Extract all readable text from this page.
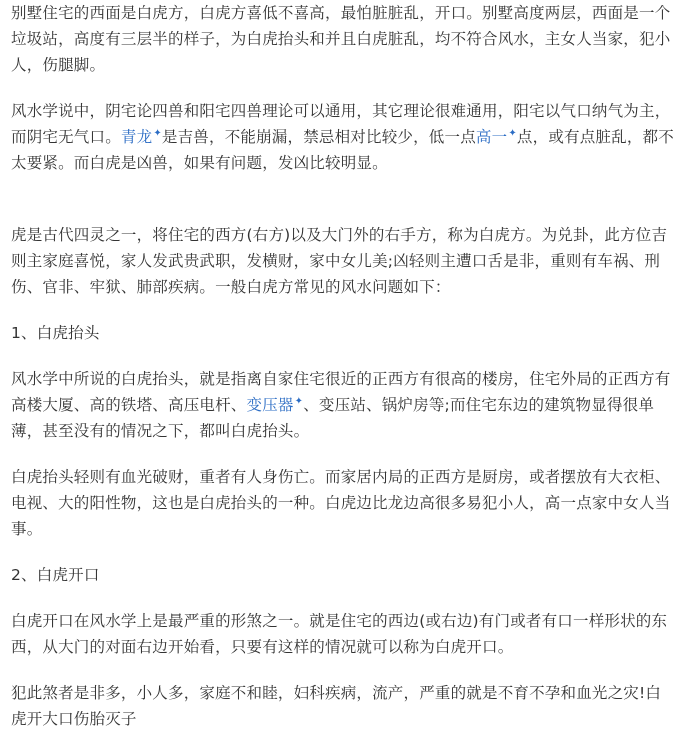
别墅住宅的西面是白虎方，白虎方喜低不喜高，最怕脏脏乱，开口。别墅高度两层，西面是一个垃圾站，高度有三层半的样子，为白虎抬头和并且白虎脏乱，均不符合风水，主女人当家，犯小人，伤腿脚。

风水学说中，阴宅论四兽和阳宅四兽理论可以通用，其它理论很难通用，阳宅以气口纳气为主，而阴宅无气口。青龙✦是吉兽，不能崩漏，禁忌相对比较少，低一点高一✦点，或有点脏乱，都不太要紧。而白虎是凶兽，如果有问题，发凶比较明显。

虎是古代四灵之一，将住宅的西方(右方)以及大门外的右手方，称为白虎方。为兑卦，此方位吉则主家庭喜悦，家人发武贵武职，发横财，家中女儿美;凶轻则主遭口舌是非，重则有车祸、刑伤、官非、牢狱、肺部疾病。一般白虎方常见的风水问题如下：

1、白虎抬头

风水学中所说的白虎抬头，就是指离自家住宅很近的正西方有很高的楼房，住宅外局的正西方有高楼大厦、高的铁塔、高压电杆、变压器✦、变压站、锅炉房等;而住宅东边的建筑物显得很单薄，甚至没有的情况之下，都叫白虎抬头。

白虎抬头轻则有血光破财，重者有人身伤亡。而家居内局的正西方是厨房，或者摆放有大衣柜、电视、大的阳性物，这也是白虎抬头的一种。白虎边比龙边高很多易犯小人，高一点家中女人当事。

2、白虎开口

白虎开口在风水学上是最严重的形煞之一。就是住宅的西边(或右边)有门或者有口一样形状的东西，从大门的对面右边开始看，只要有这样的情况就可以称为白虎开口。

犯此煞者是非多，小人多，家庭不和睦，妇科疾病，流产，严重的就是不育不孕和血光之灾!白虎开大口伤胎灭子
